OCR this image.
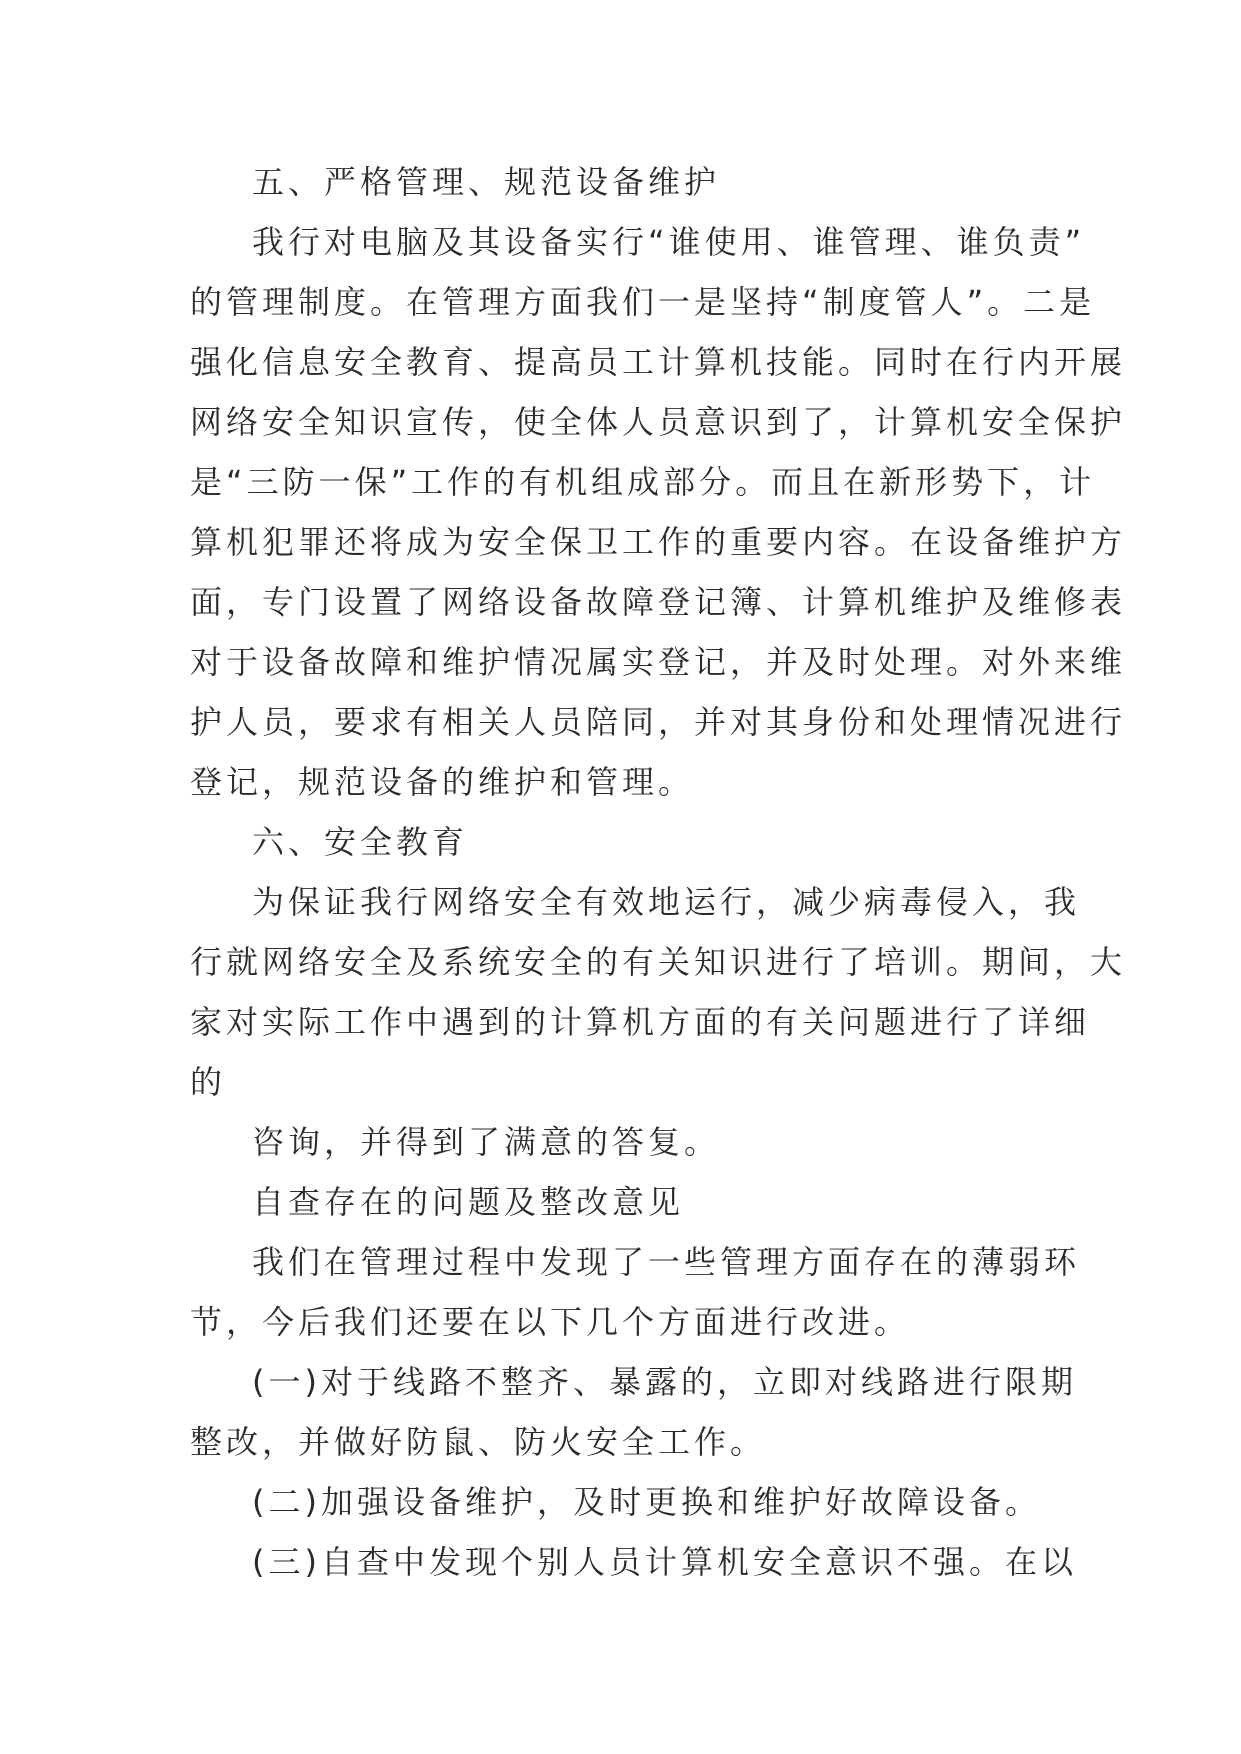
五、严格管理、规范设备维护
我行对电脑及其设备实行“谁使用、谁管理、谁负责”
的管理制度。在管理方面我们一是坚持“制度管人”。二是
强化信息安全教育、提高员工计算机技能。同时在行内开展
网络安全知识宣传，使全体人员意识到了，计算机安全保护
是“三防一保”工作的有机组成部分。而且在新形势下，计
算机犯罪还将成为安全保卫工作的重要内容。在设备维护方
面，专门设置了网络设备故障登记簿、计算机维护及维修表
对于设备故障和维护情况属实登记，并及时处理。对外来维
护人员，要求有相关人员陪同，并对其身份和处理情况进行
登记，规范设备的维护和管理。
六、安全教育
为保证我行网络安全有效地运行，减少病毒侵入，我
行就网络安全及系统安全的有关知识进行了培训。期间，大
家对实际工作中遇到的计算机方面的有关问题进行了详细
的
咨询，并得到了满意的答复。
自查存在的问题及整改意见
我们在管理过程中发现了一些管理方面存在的薄弱环
节，今后我们还要在以下几个方面进行改进。
(一)对于线路不整齐、暴露的，立即对线路进行限期
整改，并做好防鼠、防火安全工作。
(二)加强设备维护，及时更换和维护好故障设备。
(三)自查中发现个别人员计算机安全意识不强。在以
